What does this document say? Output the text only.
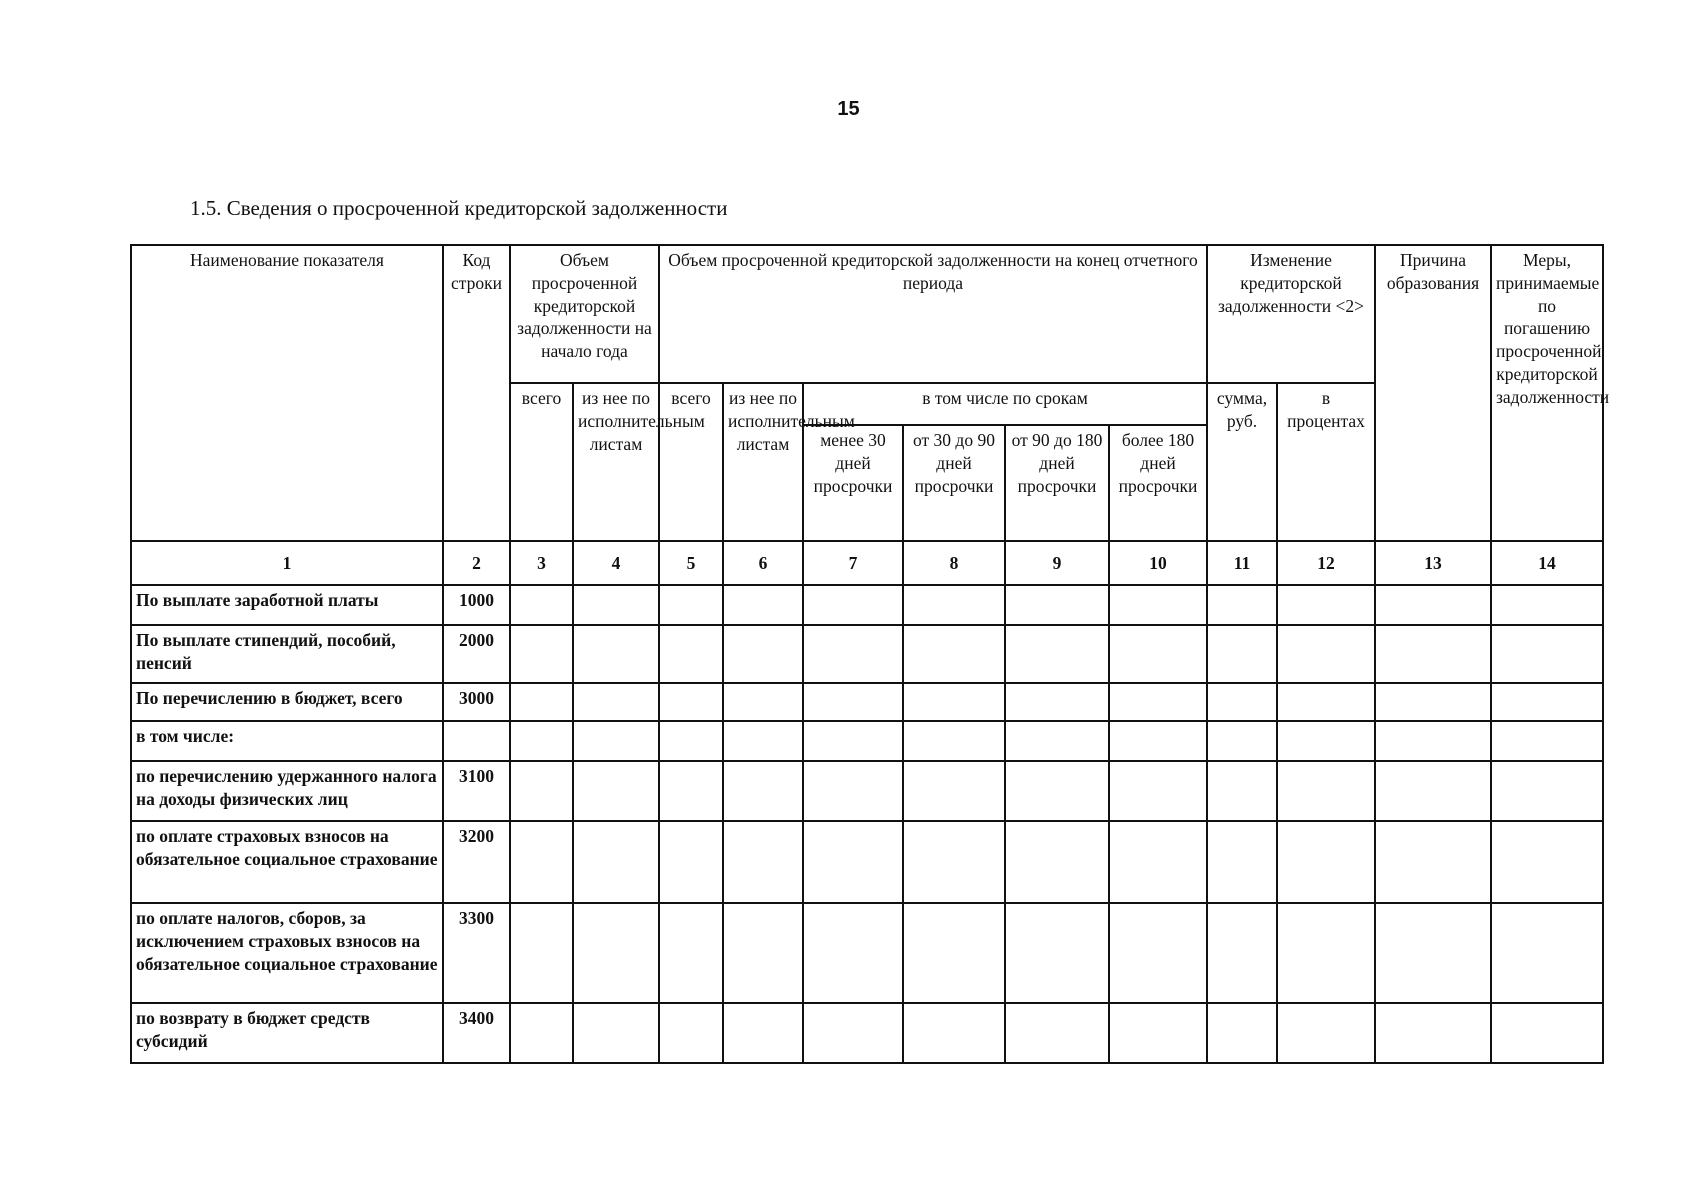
15
1.5. Сведения о просроченной кредиторской задолженности
Наименование показателя	Код строки	Объем просроченной кредиторской задолженности на начало года		Объем просроченной кредиторской задолженности на конец отчетного периода						Изменение кредиторской задолженности <2>		Причина образования	Меры, принимаемые по погашению просроченной кредиторской задолженности
		всего	из нее по исполнительным листам	всего	из нее по исполнительным листам	в том числе по срокам				сумма, руб.	в процентах		
						менее 30 дней просрочки	от 30 до 90 дней просрочки	от 90 до 180 дней просрочки	более 180 дней просрочки				
1	2	3	4	5	6	7	8	9	10	11	12	13	14
По выплате заработной платы	1000												
По выплате стипендий, пособий, пенсий	2000												
По перечислению в бюджет, всего	3000												
в том числе:													
по перечислению удержанного налога на доходы физических лиц	3100												
по оплате страховых взносов на обязательное социальное страхование	3200												
по оплате налогов, сборов, за исключением страховых взносов на обязательное социальное страхование	3300												
по возврату в бюджет средств субсидий	3400												
